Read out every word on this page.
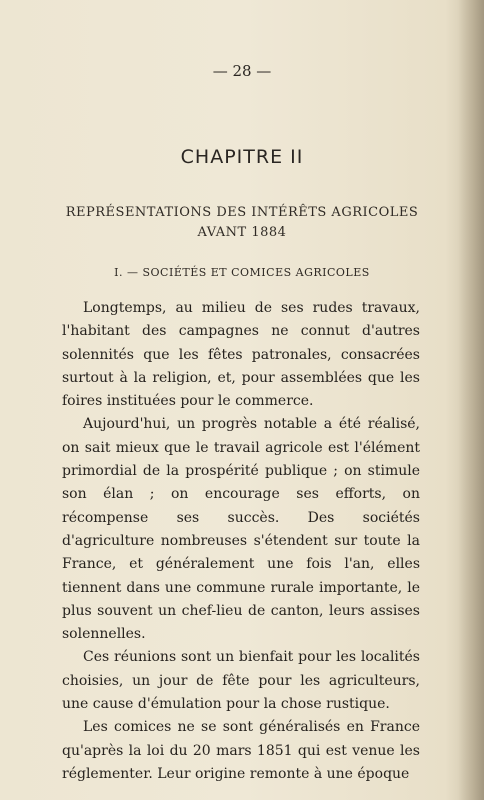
— 28 —
CHAPITRE II
REPRÉSENTATIONS DES INTÉRÊTS AGRICOLES
AVANT 1884
I. — SOCIÉTÉS ET COMICES AGRICOLES

Longtemps, au milieu de ses rudes travaux, l'habitant des campagnes ne connut d'autres solennités que les fêtes patronales, consacrées surtout à la religion, et, pour assemblées que les foires instituées pour le commerce.

Aujourd'hui, un progrès notable a été réalisé, on sait mieux que le travail agricole est l'élément primordial de la prospérité publique ; on stimule son élan ; on encourage ses efforts, on récompense ses succès. Des sociétés d'agriculture nombreuses s'étendent sur toute la France, et généralement une fois l'an, elles tiennent dans une commune rurale importante, le plus souvent un chef-lieu de canton, leurs assises solennelles.

Ces réunions sont un bienfait pour les localités choisies, un jour de fête pour les agriculteurs, une cause d'émulation pour la chose rustique.

Les comices ne se sont généralisés en France qu'après la loi du 20 mars 1851 qui est venue les réglementer. Leur origine remonte à une époque
